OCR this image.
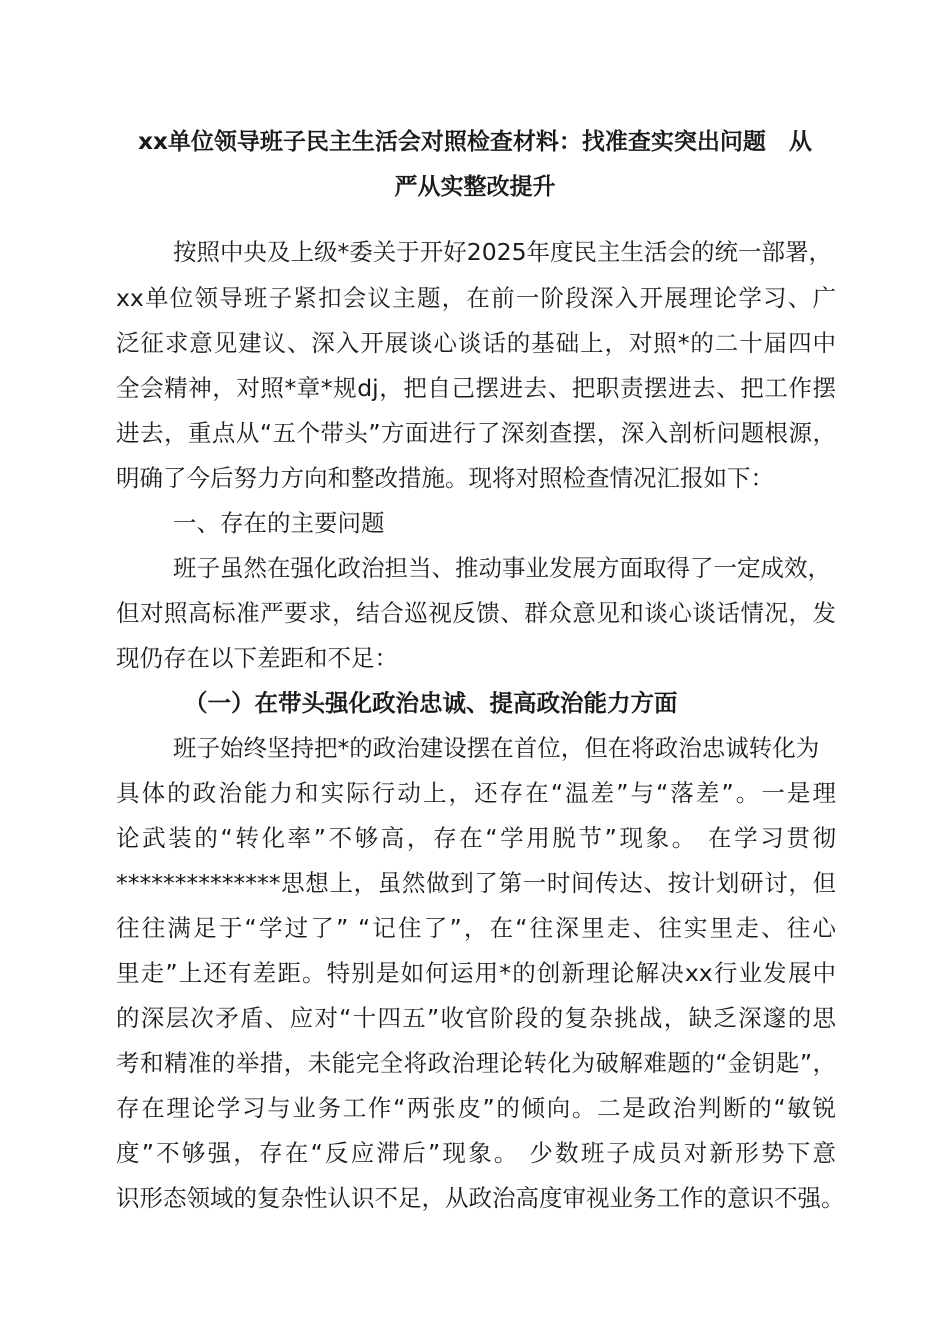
xx单位领导班子民主生活会对照检查材料：找准查实突出问题　从
严从实整改提升

按照中央及上级*委关于开好2025年度民主生活会的统一部署，

xx单位领导班子紧扣会议主题，在前一阶段深入开展理论学习、广

泛征求意见建议、深入开展谈心谈话的基础上，对照*的二十届四中

全会精神，对照*章*规dj，把自己摆进去、把职责摆进去、把工作摆

进去，重点从“五个带头”方面进行了深刻查摆，深入剖析问题根源，

明确了今后努力方向和整改措施。现将对照检查情况汇报如下：

一、存在的主要问题

班子虽然在强化政治担当、推动事业发展方面取得了一定成效，

但对照高标准严要求，结合巡视反馈、群众意见和谈心谈话情况，发

现仍存在以下差距和不足：

（一）在带头强化政治忠诚、提高政治能力方面

班子始终坚持把*的政治建设摆在首位，但在将政治忠诚转化为

具体的政治能力和实际行动上，还存在“温差”与“落差”。一是理

论武装的“转化率”不够高，存在“学用脱节”现象。 在学习贯彻

**************思想上，虽然做到了第一时间传达、按计划研讨，但

往往满足于“学过了” “记住了”，在“往深里走、往实里走、往心

里走”上还有差距。特别是如何运用*的创新理论解决xx行业发展中

的深层次矛盾、应对“十四五”收官阶段的复杂挑战，缺乏深邃的思

考和精准的举措，未能完全将政治理论转化为破解难题的“金钥匙”，

存在理论学习与业务工作“两张皮”的倾向。二是政治判断的“敏锐

度”不够强，存在“反应滞后”现象。 少数班子成员对新形势下意

识形态领域的复杂性认识不足，从政治高度审视业务工作的意识不强。
